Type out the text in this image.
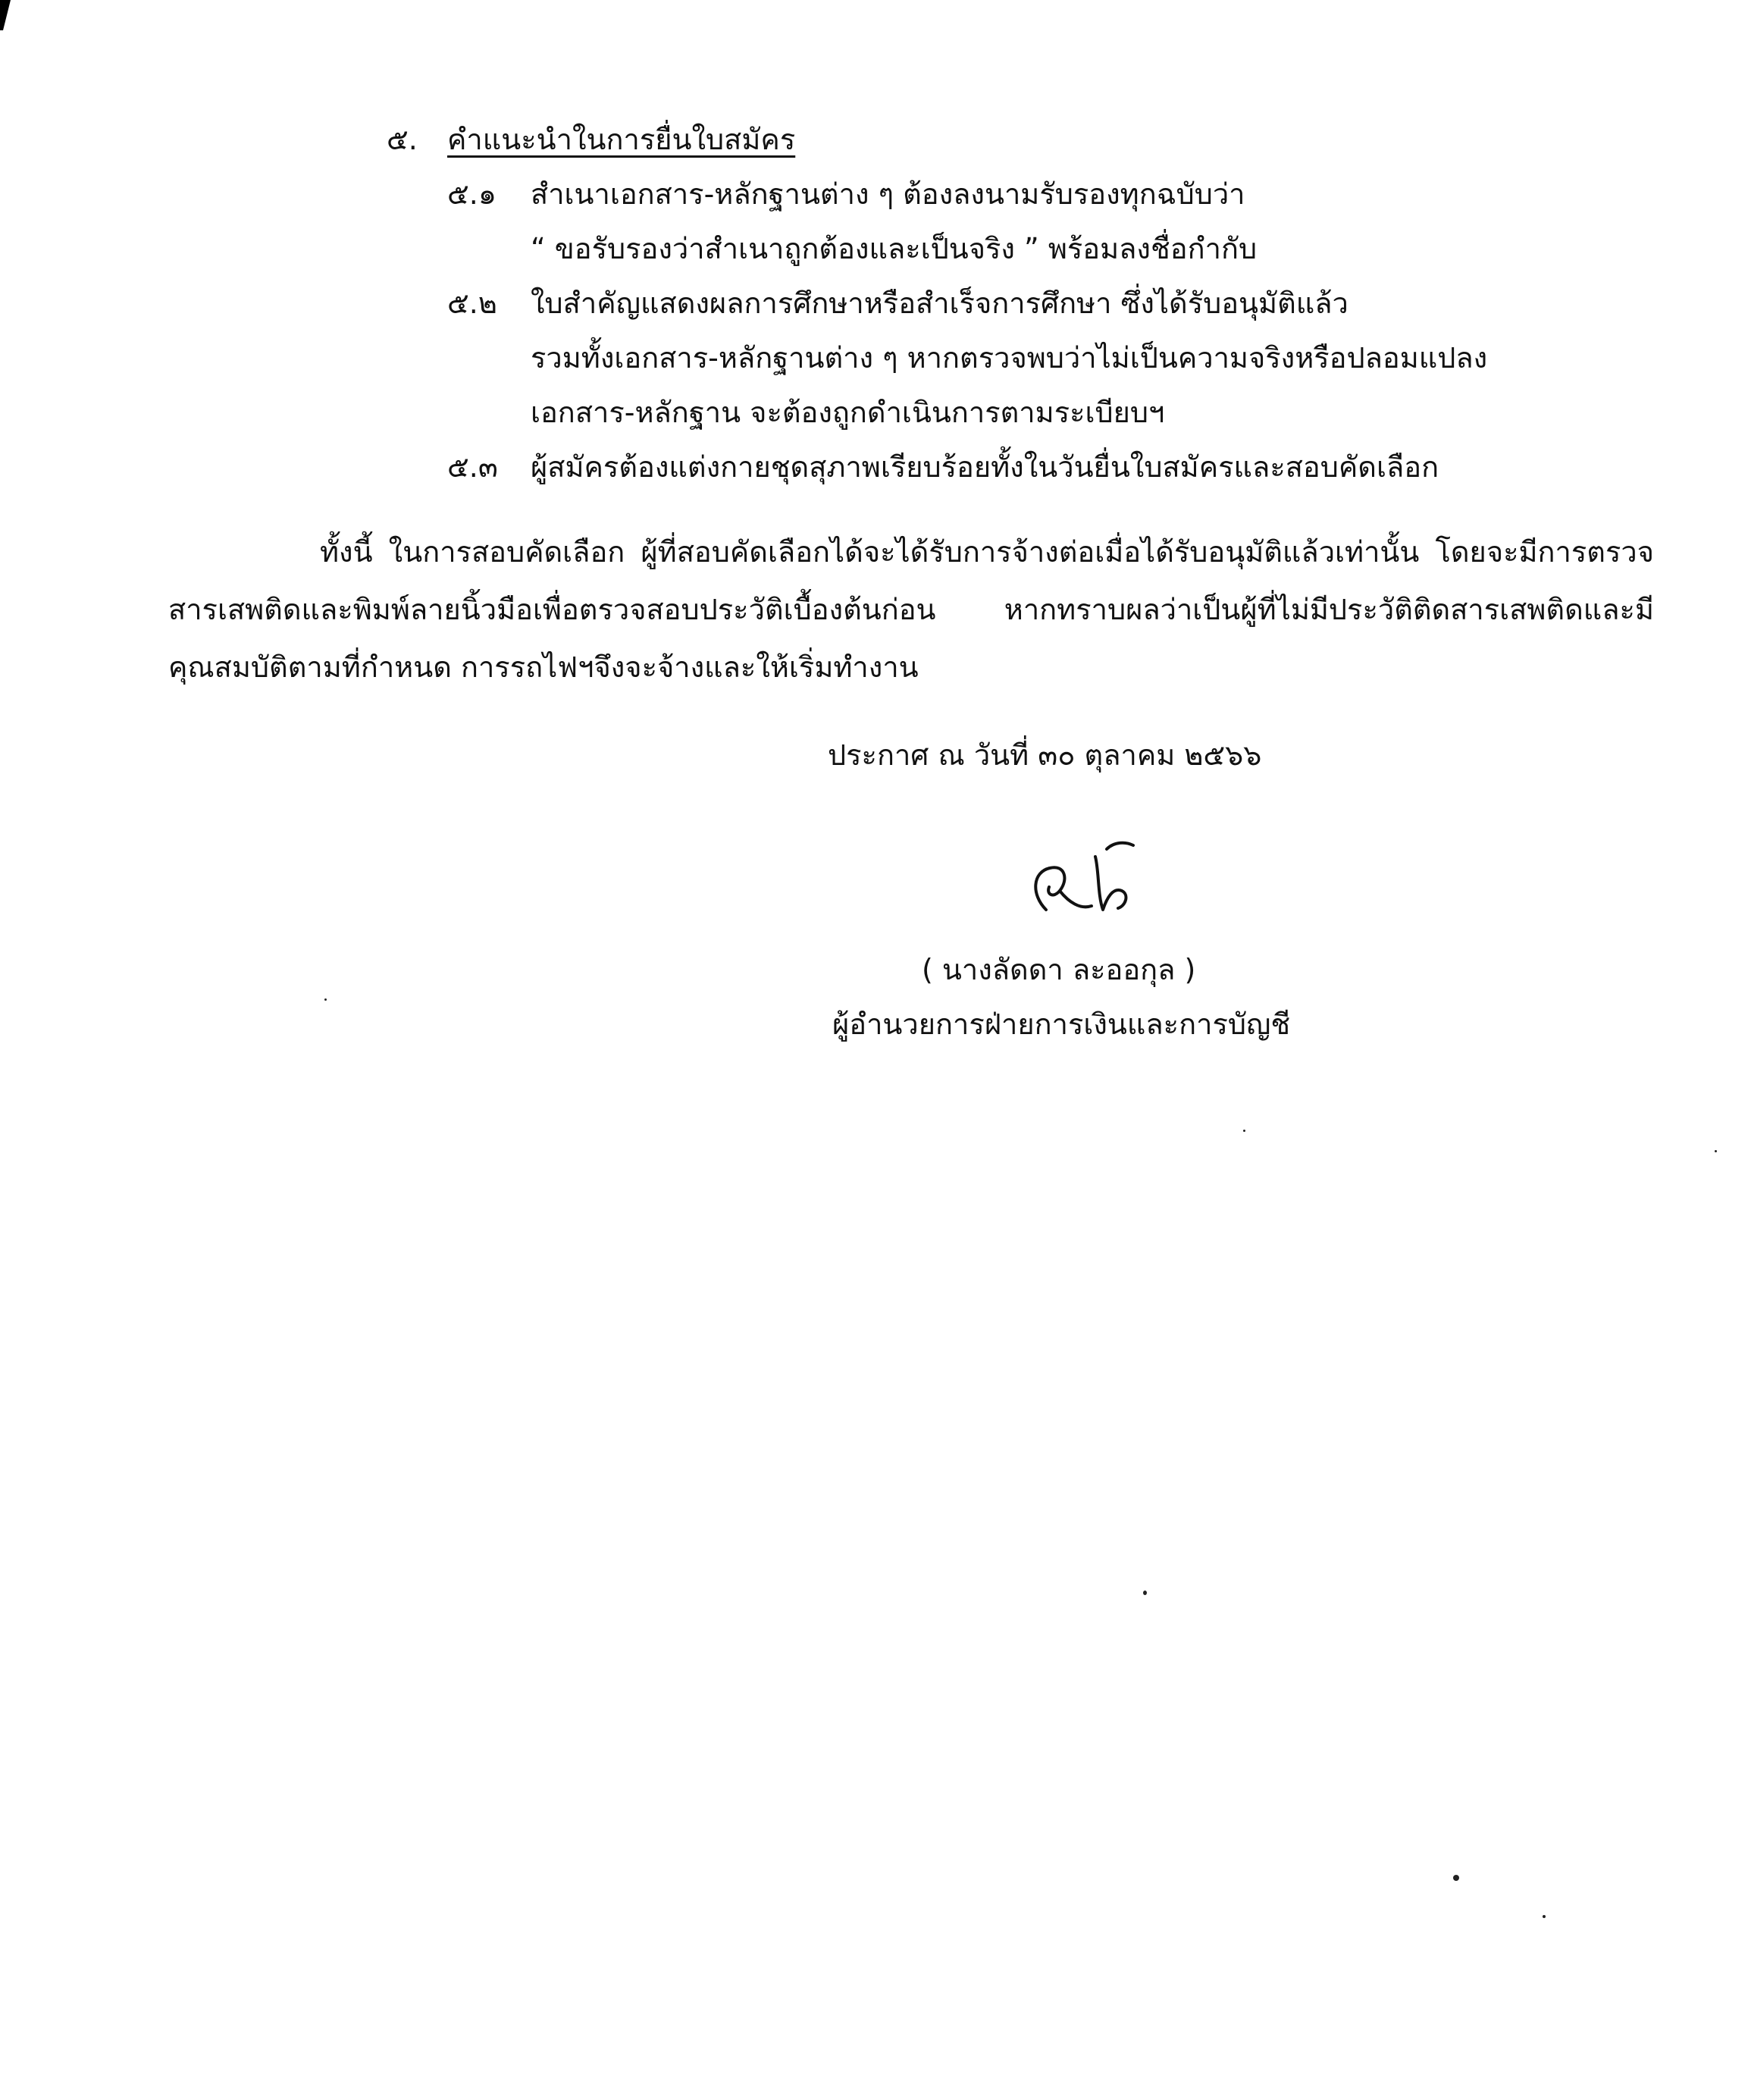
๕. คำแนะนำในการยื่นใบสมัคร
๕.๑ สำเนาเอกสาร-หลักฐานต่าง ๆ ต้องลงนามรับรองทุกฉบับว่า
“ ขอรับรองว่าสำเนาถูกต้องและเป็นจริง ” พร้อมลงชื่อกำกับ
๕.๒ ใบสำคัญแสดงผลการศึกษาหรือสำเร็จการศึกษา ซึ่งได้รับอนุมัติแล้ว
รวมทั้งเอกสาร-หลักฐานต่าง ๆ หากตรวจพบว่าไม่เป็นความจริงหรือปลอมแปลง
เอกสาร-หลักฐาน จะต้องถูกดำเนินการตามระเบียบฯ
๕.๓ ผู้สมัครต้องแต่งกายชุดสุภาพเรียบร้อยทั้งในวันยื่นใบสมัครและสอบคัดเลือก
ทั้งนี้ ในการสอบคัดเลือก ผู้ที่สอบคัดเลือกได้จะได้รับการจ้างต่อเมื่อได้รับอนุมัติแล้วเท่านั้น โดยจะมีการตรวจสารเสพติดและพิมพ์ลายนิ้วมือเพื่อตรวจสอบประวัติเบื้องต้นก่อน หากทราบผลว่าเป็นผู้ที่ไม่มีประวัติติดสารเสพติดและมีคุณสมบัติตามที่กำหนด การรถไฟฯจึงจะจ้างและให้เริ่มทำงาน
ประกาศ ณ วันที่ ๓๐ ตุลาคม ๒๕๖๖
( นางลัดดา ละออกุล )
ผู้อำนวยการฝ่ายการเงินและการบัญชี
